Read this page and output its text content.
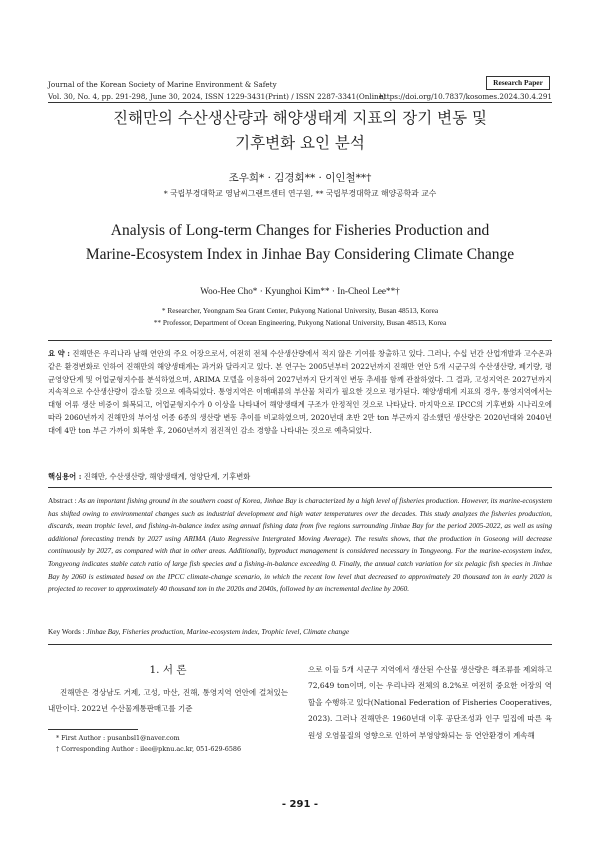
Journal of the Korean Society of Marine Environment & Safety	Research Paper
Vol. 30, No. 4, pp. 291-298, June 30, 2024, ISSN 1229-3431(Print) / ISSN 2287-3341(Online)
https://doi.org/10.7837/kosomes.2024.30.4.291
진해만의 수산생산량과 해양생태계 지표의 장기 변동 및
기후변화 요인 분석
조우희* · 김경회** · 이인철**†
* 국립부경대학교 영남씨그랜트센터 연구원, ** 국립부경대학교 해양공학과 교수
Analysis of Long-term Changes for Fisheries Production and
Marine-Ecosystem Index in Jinhae Bay Considering Climate Change
Woo-Hee Cho* · Kyunghoi Kim** · In-Cheol Lee**†
* Researcher, Yeongnam Sea Grant Center, Pukyong National University, Busan 48513, Korea
** Professor, Department of Ocean Engineering, Pukyong National University, Busan 48513, Korea
요 약 : 진해만은 우리나라 남해 연안의 주요 어장으로서, 여전히 전체 수산생산량에서 적지 않은 기여를 창출하고 있다. 그러나, 수십 년간 산업개발과 고수온과 같은 환경변화로 인하여 진해만의 해양생태계는 과거와 달라지고 있다. 본 연구는 2005년부터 2022년까지 진해만 연안 5개 시군구의 수산생산량, 폐기량, 평균영양단계 및 어업균형지수를 분석하였으며, ARIMA 모델을 이용하여 2027년까지 단기적인 변동 추세를 함께 관찰하였다. 그 결과, 고성지역은 2027년까지 지속적으로 수산생산량이 감소할 것으로 예측되었다. 통영지역은 이매패류의 부산물 처리가 필요한 것으로 평가된다. 해양생태계 지표의 경우, 통영지역에서는 대형 어류 생산 비중이 회복되고, 어업균형지수가 0 이상을 나타내어 해양생태계 구조가 안정적인 것으로 나타났다. 마지막으로 IPCC의 기후변화 시나리오에 따라 2060년까지 진해만의 부어성 어종 6종의 생산량 변동 추이를 비교하였으며, 2020년대 초반 2만 ton 부근까지 감소했던 생산량은 2020년대와 2040년대에 4만 ton 부근 가까이 회복한 후, 2060년까지 점진적인 감소 경향을 나타내는 것으로 예측되었다.
핵심용어 : 진해만, 수산생산량, 해양생태계, 영양단계, 기후변화
Abstract : As an important fishing ground in the southern coast of Korea, Jinhae Bay is characterized by a high level of fisheries production. However, its marine-ecosystem has shifted owing to environmental changes such as industrial development and high water temperatures over the decades. This study analyzes the fisheries production, discards, mean trophic level, and fishing-in-balance index using annual fishing data from five regions surrounding Jinhae Bay for the period 2005-2022, as well as using additional forecasting trends by 2027 using ARIMA (Auto Regressive Intergrated Moving Average). The results shows, that the production in Goseong will decrease continuously by 2027, as compared with that in other areas. Additionally, byproduct management is considered necessary in Tongyeong. For the marine-ecosystem index, Tongyeong indicates stable catch ratio of large fish species and a fishing-in-balance exceeding 0. Finally, the annual catch variation for six pelagic fish species in Jinhae Bay by 2060 is estimated based on the IPCC climate-change scenario, in which the recent low level that decreased to approximately 20 thousand ton in early 2020 is projected to recover to approximately 40 thousand ton in the 2020s and 2040s, followed by an incremental decline by 2060.
Key Words : Jinhae Bay, Fisheries production, Marine-ecosystem index, Trophic level, Climate change
1. 서 론
진해만은 경상남도 거제, 고성, 마산, 진해, 통영지역 연안에 걸쳐있는 내만이다. 2022년 수산물계통판매고를 기준
으로 이들 5개 시군구 지역에서 생산된 수산물 생산량은 해조류를 제외하고 72,649 ton이며, 이는 우리나라 전체의 8.2%로 여전히 중요한 어장의 역할을 수행하고 있다(National Federation of Fisheries Cooperatives, 2023). 그러나 진해만은 1960년대 이후 공단조성과 인구 밀집에 따른 육원성 오염물질의 영향으로 인하여 부영양화되는 등 연안환경이 계속해
* First Author : pusanbsl1@naver.com
† Corresponding Author : ilee@pknu.ac.kr, 051-629-6586
- 291 -
